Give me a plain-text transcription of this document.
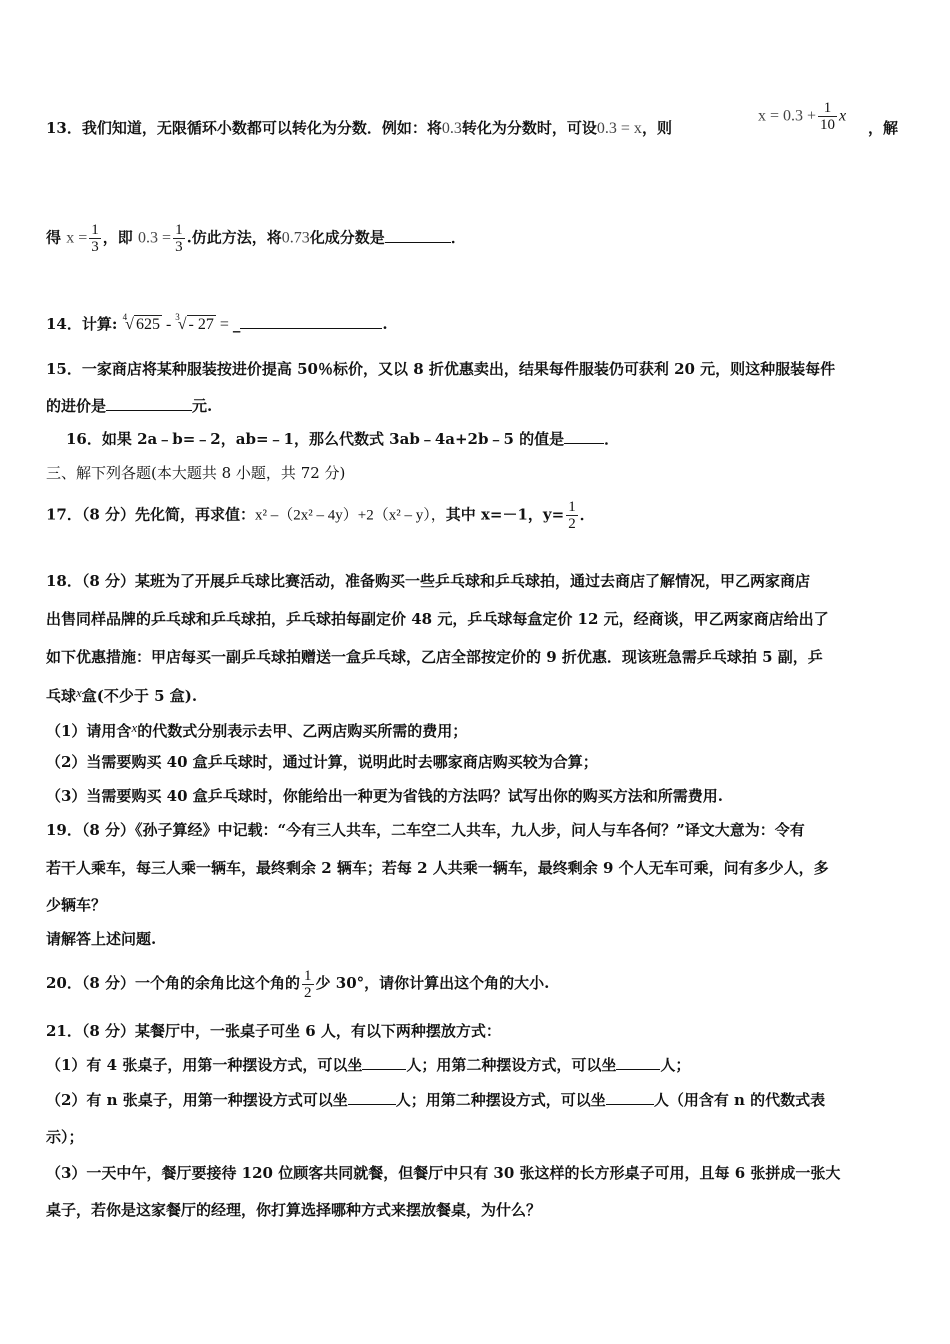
13．我们知道，无限循环小数都可以转化为分数．例如：将0.3转化为分数时，可设0.3 = x，则
$x = 0.3 + \frac{1}{10}$ x
，解
得 $x = \frac{1}{3}$ ，即 $0.3 = \frac{1}{3}$ .仿此方法，将0.73化成分数是	．
14．计算: $^4$√ 625 - $^3$√ - 27 = _	.
15．一家商店将某种服装按进价提高 50％标价，又以 8 折优惠卖出，结果每件服装仍可获利 20 元，则这种服装每件
的进价是	元.
16．如果 2a﹣b=﹣2，ab=﹣1，那么代数式 3ab﹣4a+2b﹣5 的值是	．
三、解下列各题(本大题共 8 小题，共 72 分)
17．（8 分）先化简，再求值：x² –（2x² – 4y）+2（x² – y），其中 x=－1，$y= \frac{1}{2}$ ．
18．（8 分）某班为了开展乒乓球比赛活动，准备购买一些乒乓球和乒乓球拍，通过去商店了解情况，甲乙两家商店
出售同样品牌的乒乓球和乒乓球拍，乒乓球拍每副定价 48 元，乒乓球每盒定价 12 元，经商谈，甲乙两家商店给出了
如下优惠措施：甲店每买一副乒乓球拍赠送一盒乒乓球，乙店全部按定价的 9 折优惠．现该班急需乒乓球拍 5 副，乒
乓球x盒(不少于 5 盒).
（1）请用含x的代数式分别表示去甲、乙两店购买所需的费用；
（2）当需要购买 40 盒乒乓球时，通过计算，说明此时去哪家商店购买较为合算；
（3）当需要购买 40 盒乒乓球时，你能给出一种更为省钱的方法吗？试写出你的购买方法和所需费用.
19．（8 分）《孙子算经》中记载：“今有三人共车，二车空二人共车，九人步，问人与车各何？”译文大意为：令有
若干人乘车，每三人乘一辆车，最终剩余 2 辆车；若每 2 人共乘一辆车，最终剩余 9 个人无车可乘，问有多少人，多
少辆车？
请解答上述问题.
20．（8 分）一个角的余角比这个角的 $\frac{1}{2}$ 少 30°，请你计算出这个角的大小.
21．（8 分）某餐厅中，一张桌子可坐 6 人，有以下两种摆放方式：
（1）有 4 张桌子，用第一种摆设方式，可以坐	人；用第二种摆设方式，可以坐	人；
（2）有 n 张桌子，用第一种摆设方式可以坐	人；用第二种摆设方式，可以坐	人（用含有 n 的代数式表
示）；
（3）一天中午，餐厅要接待 120 位顾客共同就餐，但餐厅中只有 30 张这样的长方形桌子可用，且每 6 张拼成一张大
桌子，若你是这家餐厅的经理，你打算选择哪种方式来摆放餐桌，为什么？
